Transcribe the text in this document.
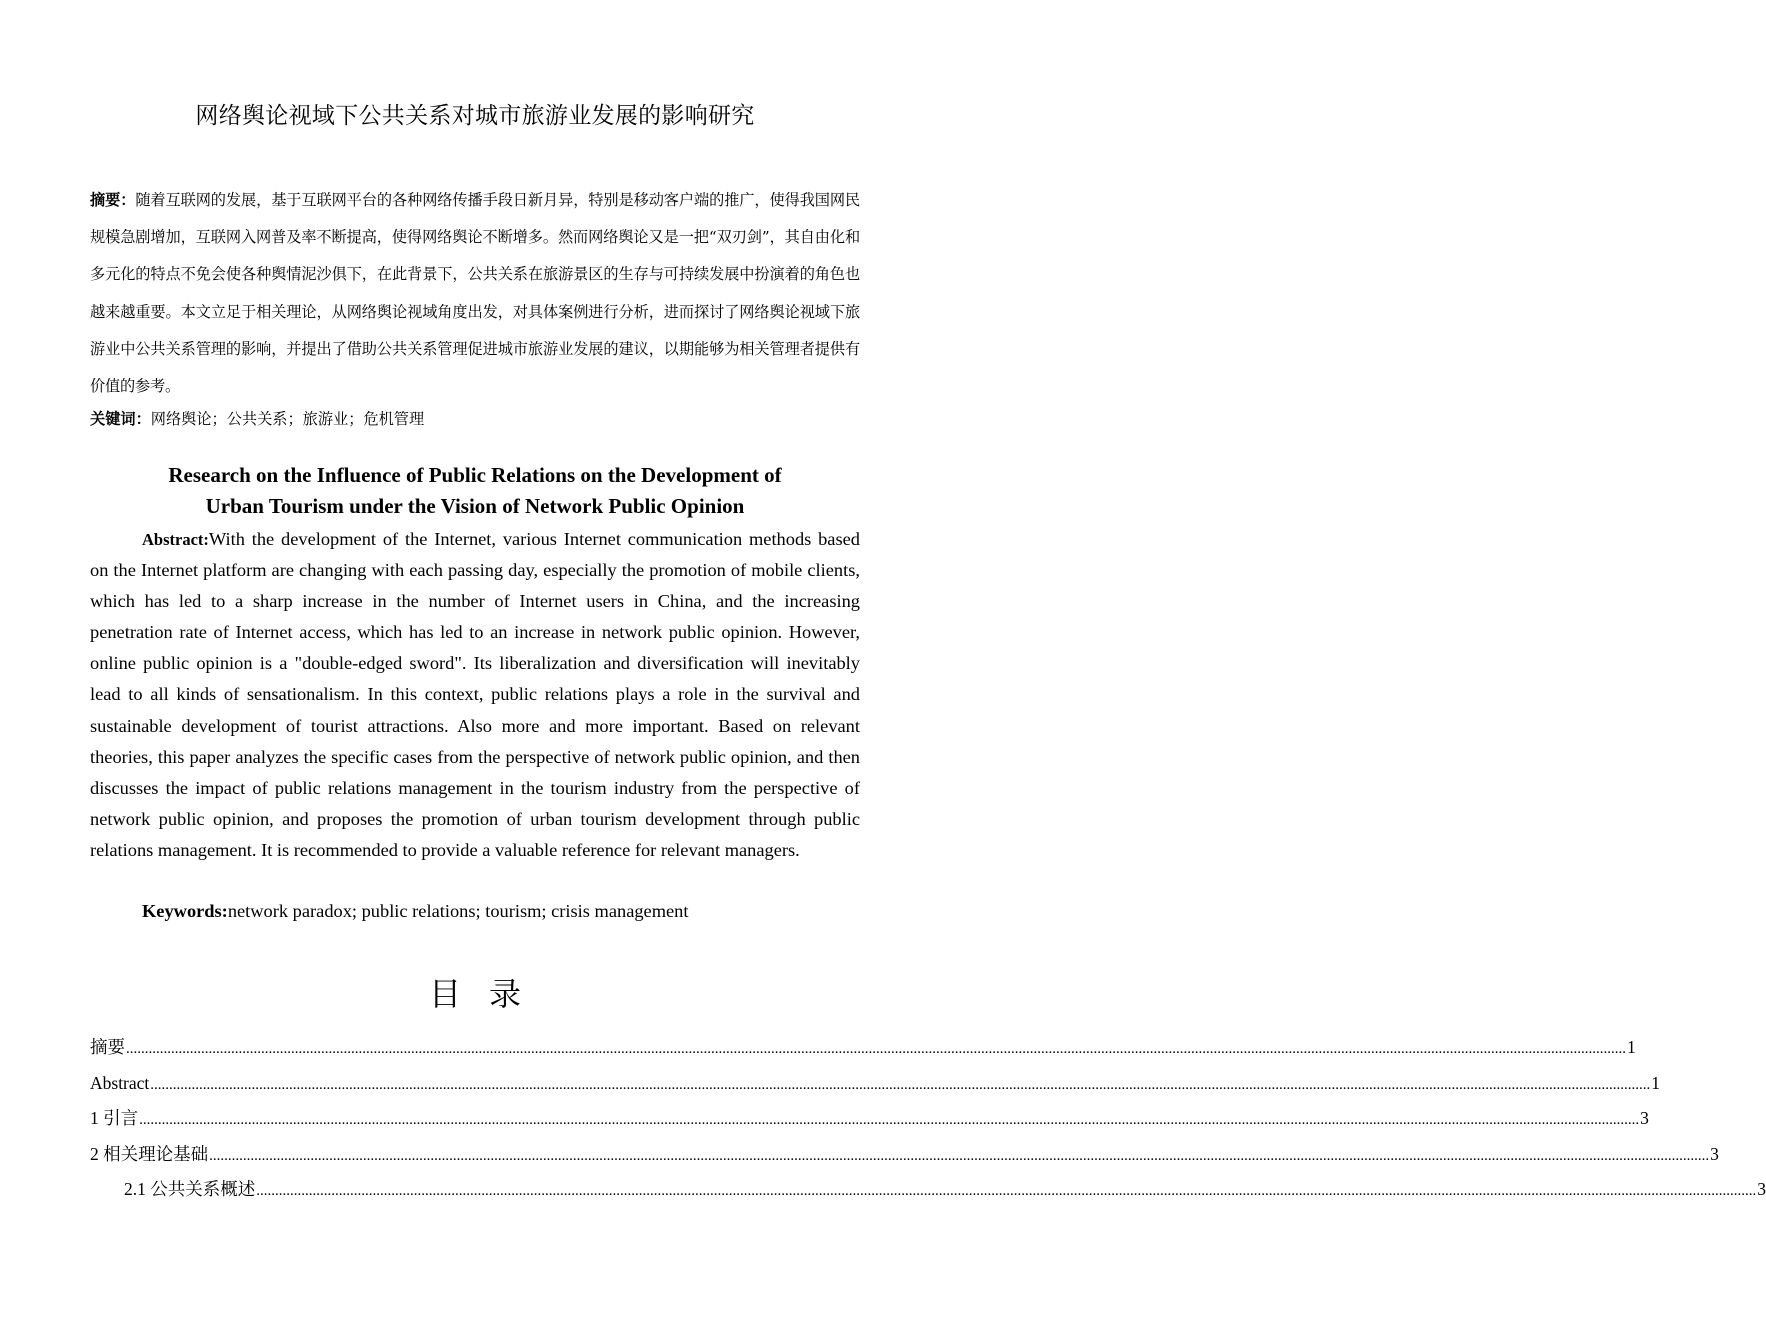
网络舆论视域下公共关系对城市旅游业发展的影响研究
摘要：随着互联网的发展，基于互联网平台的各种网络传播手段日新月异，特别是移动客户端的推广，使得我国网民规模急剧增加，互联网入网普及率不断提高，使得网络舆论不断增多。然而网络舆论又是一把“双刃剑”，其自由化和多元化的特点不免会使各种舆情泥沙俱下，在此背景下，公共关系在旅游景区的生存与可持续发展中扮演着的角色也越来越重要。本文立足于相关理论，从网络舆论视域角度出发，对具体案例进行分析，进而探讨了网络舆论视域下旅游业中公共关系管理的影响，并提出了借助公共关系管理促进城市旅游业发展的建议，以期能够为相关管理者提供有价值的参考。
关键词：网络舆论；公共关系；旅游业；危机管理
Research on the Influence of Public Relations on the Development of
Urban Tourism under the Vision of Network Public Opinion
Abstract:With the development of the Internet, various Internet communication methods based on the Internet platform are changing with each passing day, especially the promotion of mobile clients, which has led to a sharp increase in the number of Internet users in China, and the increasing penetration rate of Internet access, which has led to an increase in network public opinion. However, online public opinion is a "double-edged sword". Its liberalization and diversification will inevitably lead to all kinds of sensationalism. In this context, public relations plays a role in the survival and sustainable development of tourist attractions. Also more and more important. Based on relevant theories, this paper analyzes the specific cases from the perspective of network public opinion, and then discusses the impact of public relations management in the tourism industry from the perspective of network public opinion, and proposes the promotion of urban tourism development through public relations management. It is recommended to provide a valuable reference for relevant managers.
Keywords:network paradox; public relations; tourism; crisis management
目录
摘要 ................................................................................................................................................................................................................................................................................................................................................................................................................ 1
Abstract ................................................................................................................................................................................................................................................................................................................................................................................................................ 1
1 引言 ................................................................................................................................................................................................................................................................................................................................................................................................................ 3
2 相关理论基础 ................................................................................................................................................................................................................................................................................................................................................................................................................ 3
2.1 公共关系概述 ................................................................................................................................................................................................................................................................................................................................................................................................................ 3
